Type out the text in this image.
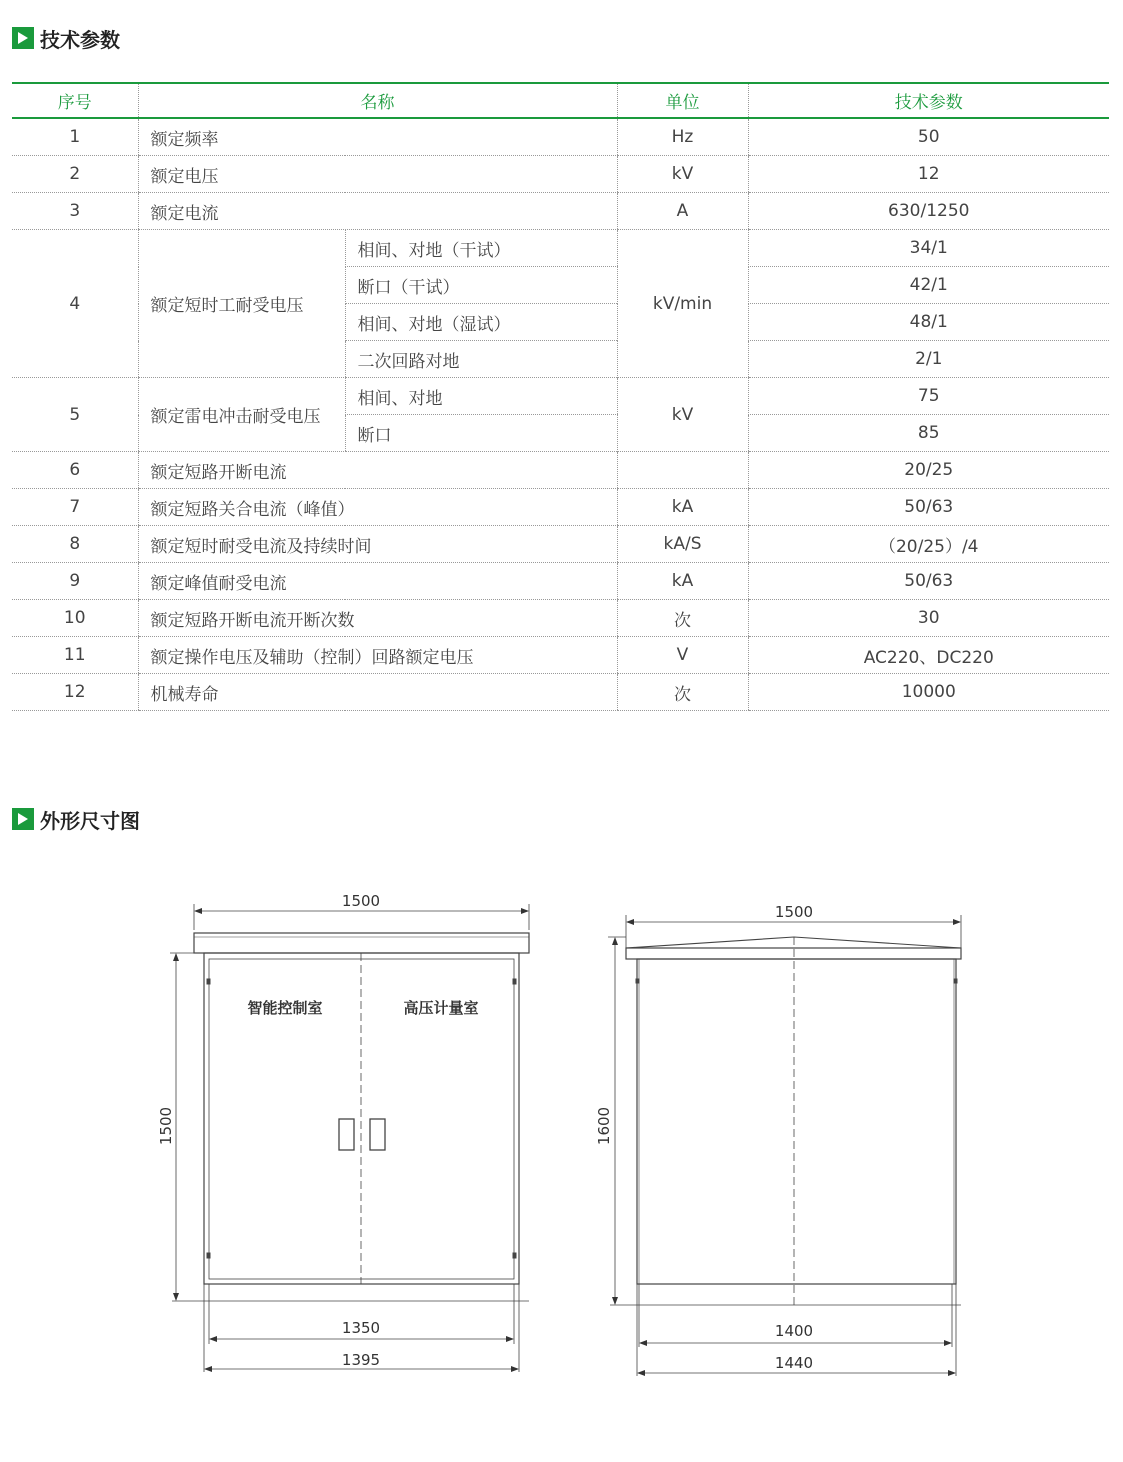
技术参数
序号	名称		单位	技术参数
1	额定频率		Hz	50
2	额定电压		kV	12
3	额定电流		A	630/1250
4	额定短时工耐受电压	相间、对地（干试）	kV/min	34/1
		断口（干试）		42/1
		相间、对地（湿试）		48/1
		二次回路对地		2/1
5	额定雷电冲击耐受电压	相间、对地	kV	75
		断口		85
6	额定短路开断电流			20/25
7	额定短路关合电流（峰值）		kA	50/63
8	额定短时耐受电流及持续时间		kA/S	（20/25）/4
9	额定峰值耐受电流		kA	50/63
10	额定短路开断电流开断次数		次	30
11	额定操作电压及辅助（控制）回路额定电压		V	AC220、DC220
12	机械寿命		次	10000
外形尺寸图
1500
1500
1350
1395
智能控制室	高压计量室
1500
1600
1400
1440
